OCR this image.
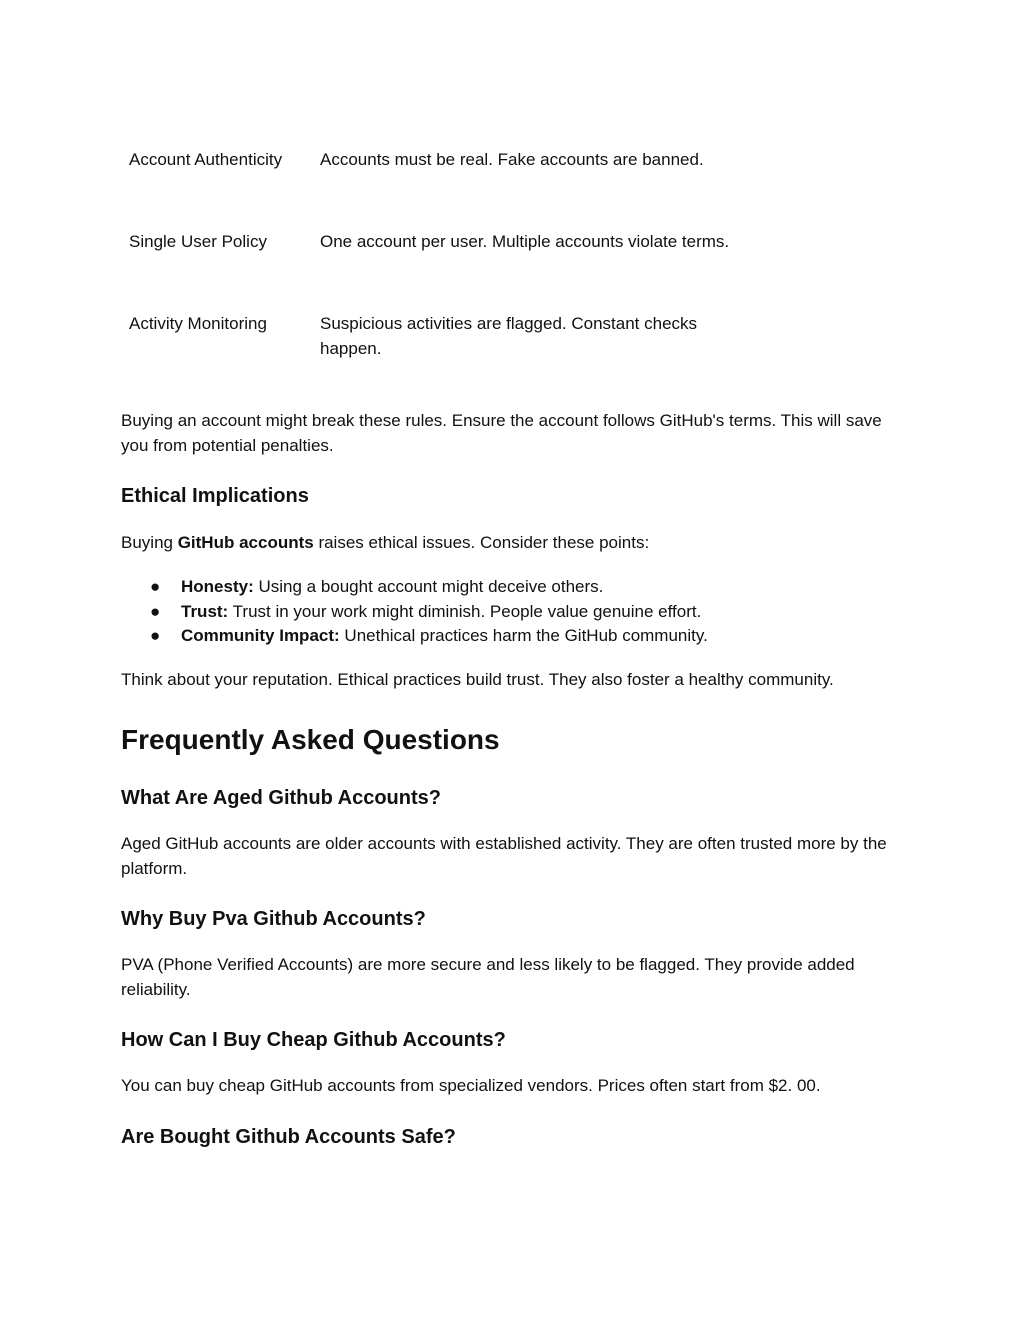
Account Authenticity	Accounts must be real. Fake accounts are banned.
Single User Policy	One account per user. Multiple accounts violate terms.
Activity Monitoring	Suspicious activities are flagged. Constant checks happen.

Buying an account might break these rules. Ensure the account follows GitHub's terms. This will save you from potential penalties.

Ethical Implications

Buying GitHub accounts raises ethical issues. Consider these points:

● Honesty: Using a bought account might deceive others.
● Trust: Trust in your work might diminish. People value genuine effort.
● Community Impact: Unethical practices harm the GitHub community.

Think about your reputation. Ethical practices build trust. They also foster a healthy community.

Frequently Asked Questions
What Are Aged Github Accounts?

Aged GitHub accounts are older accounts with established activity. They are often trusted more by the platform.

Why Buy Pva Github Accounts?

PVA (Phone Verified Accounts) are more secure and less likely to be flagged. They provide added reliability.

How Can I Buy Cheap Github Accounts?

You can buy cheap GitHub accounts from specialized vendors. Prices often start from $2. 00.

Are Bought Github Accounts Safe?
